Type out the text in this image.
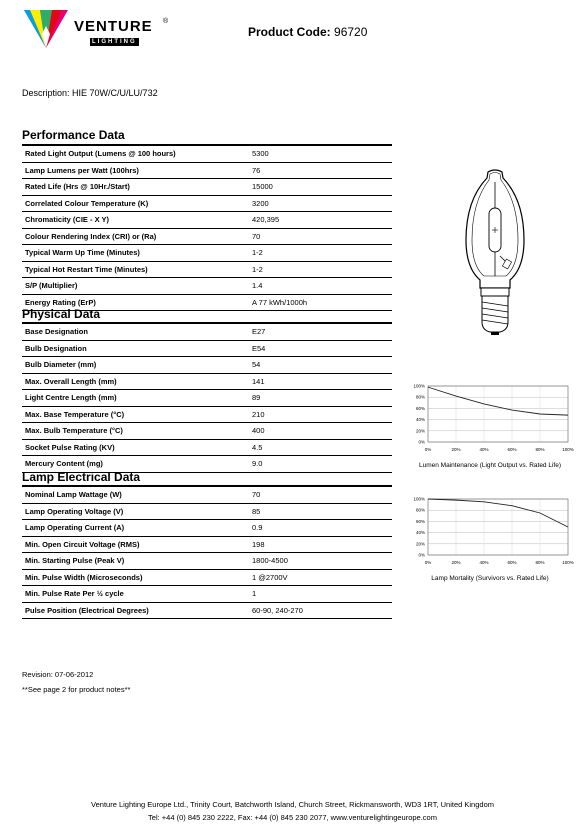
VENTURE ®
LIGHTING
Product Code: 96720
Description: HIE 70W/C/U/LU/732
Performance Data
Rated Light Output (Lumens @ 100 hours)	5300
Lamp Lumens per Watt (100hrs)	76
Rated Life (Hrs @ 10Hr./Start)	15000
Correlated Colour Temperature (K)	3200
Chromaticity (CIE - X Y)	420,395
Colour Rendering Index (CRI) or (Ra)	70
Typical Warm Up Time (Minutes)	1-2
Typical Hot Restart Time (Minutes)	1-2
S/P (Multiplier)	1.4
Energy Rating (ErP)	A 77 kWh/1000h
Physical Data
Base Designation	E27
Bulb Designation	E54
Bulb Diameter (mm)	54
Max. Overall Length (mm)	141
Light Centre Length (mm)	89
Max. Base Temperature (°C)	210
Max. Bulb Temperature (°C)	400
Socket Pulse Rating (KV)	4.5
Mercury Content (mg)	9.0
Lamp Electrical Data
Nominal Lamp Wattage (W)	70
Lamp Operating Voltage (V)	85
Lamp Operating Current (A)	0.9
Min. Open Circuit Voltage (RMS)	198
Min. Starting Pulse (Peak V)	1800-4500
Min. Pulse Width (Microseconds)	1 @2700V
Min. Pulse Rate Per ½ cycle	1
Pulse Position (Electrical Degrees)	60-90, 240-270
0%
20%
40%
60%
80%
100%
0%	20%	40%	60%	80%	100%
Lumen Maintenance (Light Output vs. Rated Life)
0%
20%
40%
60%
80%
100%
0%	20%	40%	60%	80%	100%
Lamp Mortality (Survivors vs. Rated Life)
Revision: 07-06-2012
**See page 2 for product notes**
Venture Lighting Europe Ltd., Trinity Court, Batchworth Island, Church Street, Rickmansworth, WD3 1RT, United Kingdom
Tel: +44 (0) 845 230 2222, Fax: +44 (0) 845 230 2077, www.venturelightingeurope.com
